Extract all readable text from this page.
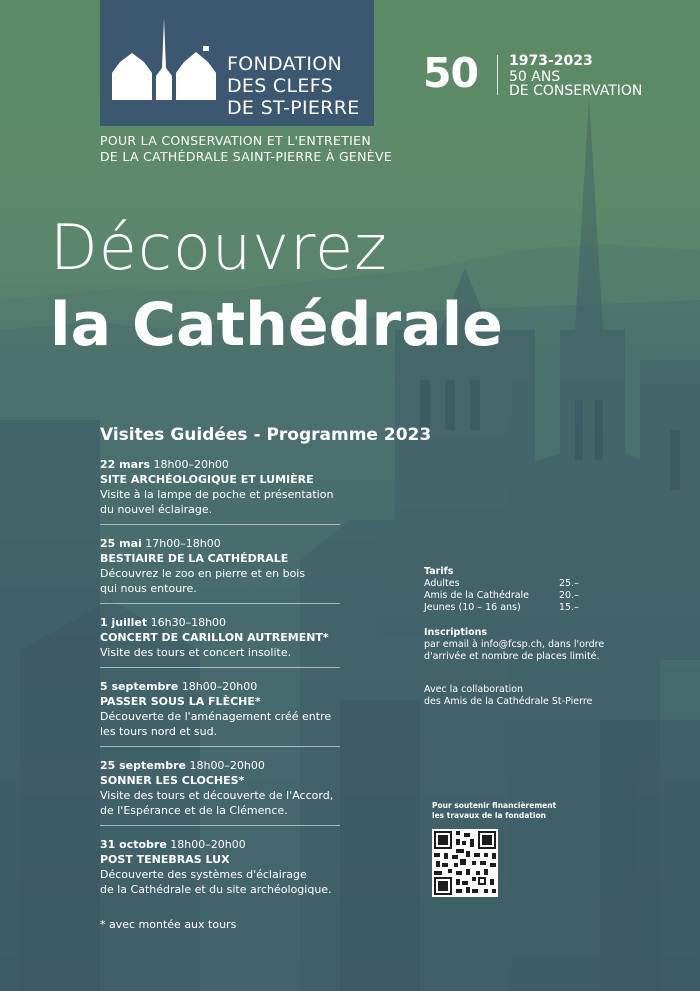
FONDATION
DES CLEFS
DE ST-PIERRE
50 1973-2023
50 ANS
DE CONSERVATION
POUR LA CONSERVATION ET L'ENTRETIEN
DE LA CATHÉDRALE SAINT-PIERRE À GENÈVE
Découvrez
la Cathédrale
Visites Guidées - Programme 2023
22 mars 18h00–20h00
SITE ARCHÉOLOGIQUE ET LUMIÈRE
Visite à la lampe de poche et présentation
du nouvel éclairage.
25 mai 17h00–18h00
BESTIAIRE DE LA CATHÉDRALE
Découvrez le zoo en pierre et en bois
qui nous entoure.
1 juillet 16h30–18h00
CONCERT DE CARILLON AUTREMENT*
Visite des tours et concert insolite.
5 septembre 18h00–20h00
PASSER SOUS LA FLÈCHE*
Découverte de l'aménagement créé entre
les tours nord et sud.
25 septembre 18h00–20h00
SONNER LES CLOCHES*
Visite des tours et découverte de l'Accord,
de l'Espérance et de la Clémence.
31 octobre 18h00–20h00
POST TENEBRAS LUX
Découverte des systèmes d'éclairage
de la Cathédrale et du site archéologique.
* avec montée aux tours
Tarifs
Adultes	25.–
Amis de la Cathédrale	20.–
Jeunes (10 – 16 ans)	15.–
Inscriptions
par email à info@fcsp.ch, dans l'ordre
d'arrivée et nombre de places limité.
Avec la collaboration
des Amis de la Cathédrale St-Pierre
Pour soutenir financièrement
les travaux de la fondation
